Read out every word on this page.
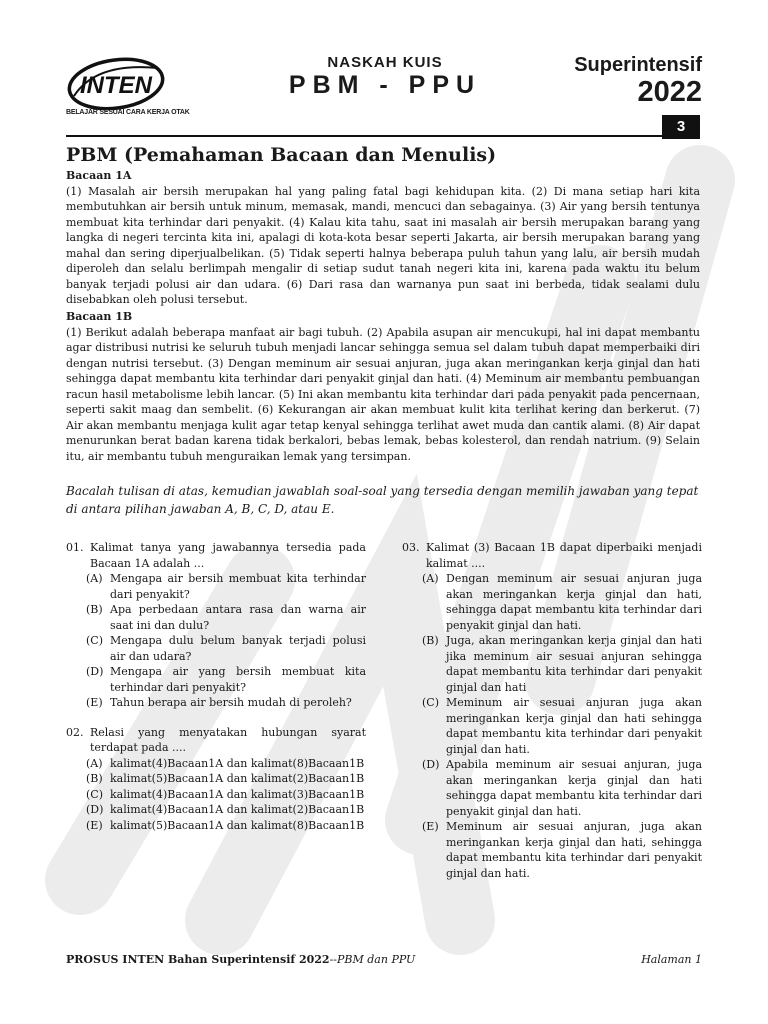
INTEN
BELAJAR SESUAI CARA KERJA OTAK
NASKAH KUIS
PBM - PPU
Superintensif
2022
3
PBM (Pemahaman Bacaan dan Menulis)
Bacaan 1A
(1) Masalah air bersih merupakan hal yang paling fatal bagi kehidupan kita. (2) Di mana setiap hari kita membutuhkan air bersih untuk minum, memasak, mandi, mencuci dan sebagainya. (3) Air yang bersih tentunya membuat kita terhindar dari penyakit. (4) Kalau kita tahu, saat ini masalah air bersih merupakan barang yang langka di negeri tercinta kita ini, apalagi di kota-kota besar seperti Jakarta, air bersih merupakan barang yang mahal dan sering diperjualbelikan. (5) Tidak seperti halnya beberapa puluh tahun yang lalu, air bersih mudah diperoleh dan selalu berlimpah mengalir di setiap sudut tanah negeri kita ini, karena pada waktu itu belum banyak terjadi polusi air dan udara. (6) Dari rasa dan warnanya pun saat ini berbeda, tidak sealami dulu disebabkan oleh polusi tersebut.
Bacaan 1B
(1) Berikut adalah beberapa manfaat air bagi tubuh. (2) Apabila asupan air mencukupi, hal ini dapat membantu agar distribusi nutrisi ke seluruh tubuh menjadi lancar sehingga semua sel dalam tubuh dapat memperbaiki diri dengan nutrisi tersebut. (3) Dengan meminum air sesuai anjuran, juga akan meringankan kerja ginjal dan hati sehingga dapat membantu kita terhindar dari penyakit ginjal dan hati. (4) Meminum air membantu pembuangan racun hasil metabolisme lebih lancar. (5) Ini akan membantu kita terhindar dari pada penyakit pada pencernaan, seperti sakit maag dan sembelit. (6) Kekurangan air akan membuat kulit kita terlihat kering dan berkerut. (7) Air akan membantu menjaga kulit agar tetap kenyal sehingga terlihat awet muda dan cantik alami. (8) Air dapat menurunkan berat badan karena tidak berkalori, bebas lemak, bebas kolesterol, dan rendah natrium. (9) Selain itu, air membantu tubuh menguraikan lemak yang tersimpan.
Bacalah tulisan di atas, kemudian jawablah soal-soal yang tersedia dengan memilih jawaban yang tepat di antara pilihan jawaban A, B, C, D, atau E.
01. Kalimat tanya yang jawabannya tersedia pada Bacaan 1A adalah ...
(A) Mengapa air bersih membuat kita terhindar dari penyakit?
(B) Apa perbedaan antara rasa dan warna air saat ini dan dulu?
(C) Mengapa dulu belum banyak terjadi polusi air dan udara?
(D) Mengapa air yang bersih membuat kita terhindar dari penyakit?
(E) Tahun berapa air bersih mudah di peroleh?
02. Relasi yang menyatakan hubungan syarat terdapat pada ....
(A) kalimat(4)Bacaan1A dan kalimat(8)Bacaan1B
(B) kalimat(5)Bacaan1A dan kalimat(2)Bacaan1B
(C) kalimat(4)Bacaan1A dan kalimat(3)Bacaan1B
(D) kalimat(4)Bacaan1A dan kalimat(2)Bacaan1B
(E) kalimat(5)Bacaan1A dan kalimat(8)Bacaan1B
03. Kalimat (3) Bacaan 1B dapat diperbaiki menjadi kalimat ....
(A) Dengan meminum air sesuai anjuran juga akan meringankan kerja ginjal dan hati, sehingga dapat membantu kita terhindar dari penyakit ginjal dan hati.
(B) Juga, akan meringankan kerja ginjal dan hati jika meminum air sesuai anjuran sehingga dapat membantu kita terhindar dari penyakit ginjal dan hati
(C) Meminum air sesuai anjuran juga akan meringankan kerja ginjal dan hati sehingga dapat membantu kita terhindar dari penyakit ginjal dan hati.
(D) Apabila meminum air sesuai anjuran, juga akan meringankan kerja ginjal dan hati sehingga dapat membantu kita terhindar dari penyakit ginjal dan hati.
(E) Meminum air sesuai anjuran, juga akan meringankan kerja ginjal dan hati, sehingga dapat membantu kita terhindar dari penyakit ginjal dan hati.
PROSUS INTEN Bahan Superintensif 2022--PBM dan PPU	Halaman 1
